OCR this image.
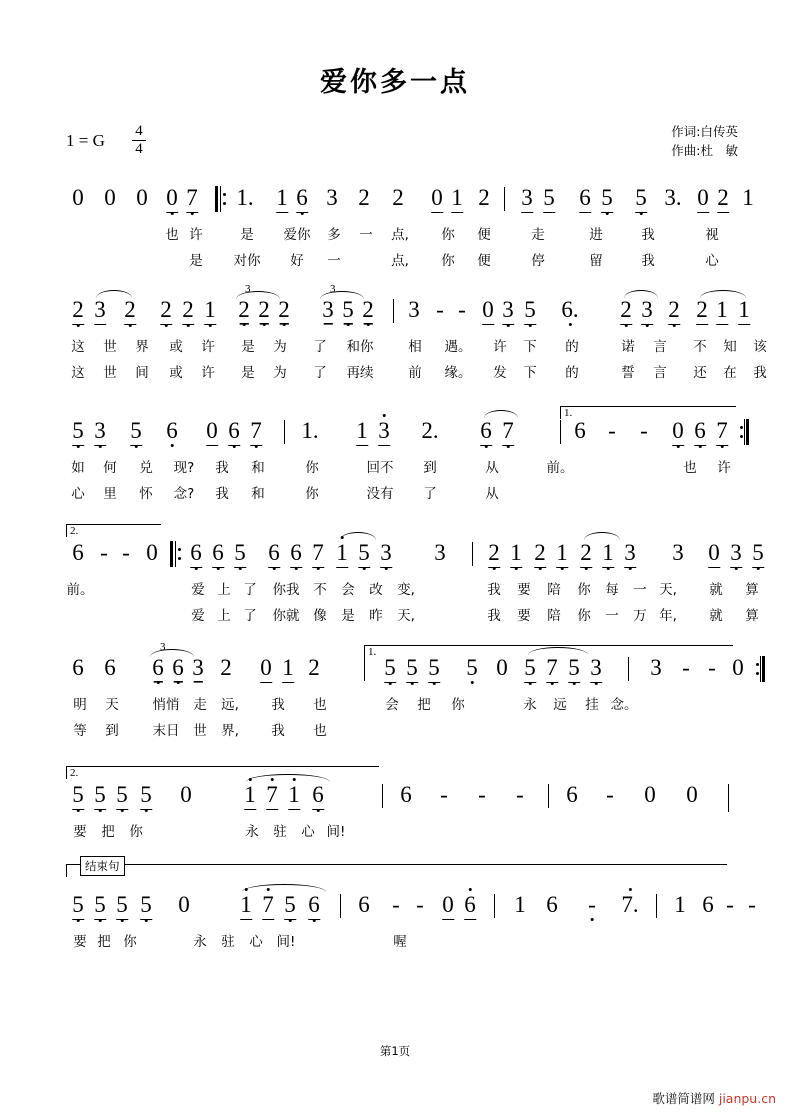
爱你多一点
1 = G	4
4
作词:白传英
作曲:杜　敏
0 0 0 0 7 1. 1 6 3 2 2 0 1 2 3 5 6 5 5 3. 0 2 1
也 许	是 爱你 多 一 点, 你 便	走	进	我	视
是 对你 好 一	点, 你 便	停	留	我	心
2 3 2 2 2 1
3
2 2 2
3
3 5 2 3 - - 0 3 5 6. 2 3 2 2 1 1
这 世 界 或 许 是 为 了 和你	相 遇。 许 下 的	诺 言 不 知 该
这 世 间 或 许 是 为 了 再续	前 缘。 发 下 的	誓 言 还 在 我
1.
5 3 5 6 0 6 7 1. 1 3 2. 6 7	6 - - 0 6 7
如 何 兑 现? 我 和	你	回不 到	从	前。	也 许
心 里 怀 念? 我 和	你	没有 了	从
2.
6 - - 0 6 6 5 6 6 7 1 5 3 3 2 1 2 1 2 1 3 3 0 3 5
前。	爱 上 了 你我 不 会 改 变,	我 要 陪 你 每 一 天, 就 算
爱 上 了 你就 像 是 昨 天,	我 要 陪 你 一 万 年, 就 算
1.
6 6
3
6 6 3 2 0 1 2	5 5 5 5 0 5 7 5 3 3 - - 0
明 天	悄悄 走 远, 我 也	会 把 你	永 远 挂 念。
等 到	末日 世 界, 我 也
2.
5 5 5 5 0 1 7 1 6	6 - - - 6 - 0 0
要 把 你	永 驻 心 间!
结束句
5 5 5 5 0 1 7 5 6 6 - - 0 6 1 6 - 7. 1 6 - -
要 把 你	永 驻 心 间!	喔
第1页
歌谱简谱网 jianpu.cn
